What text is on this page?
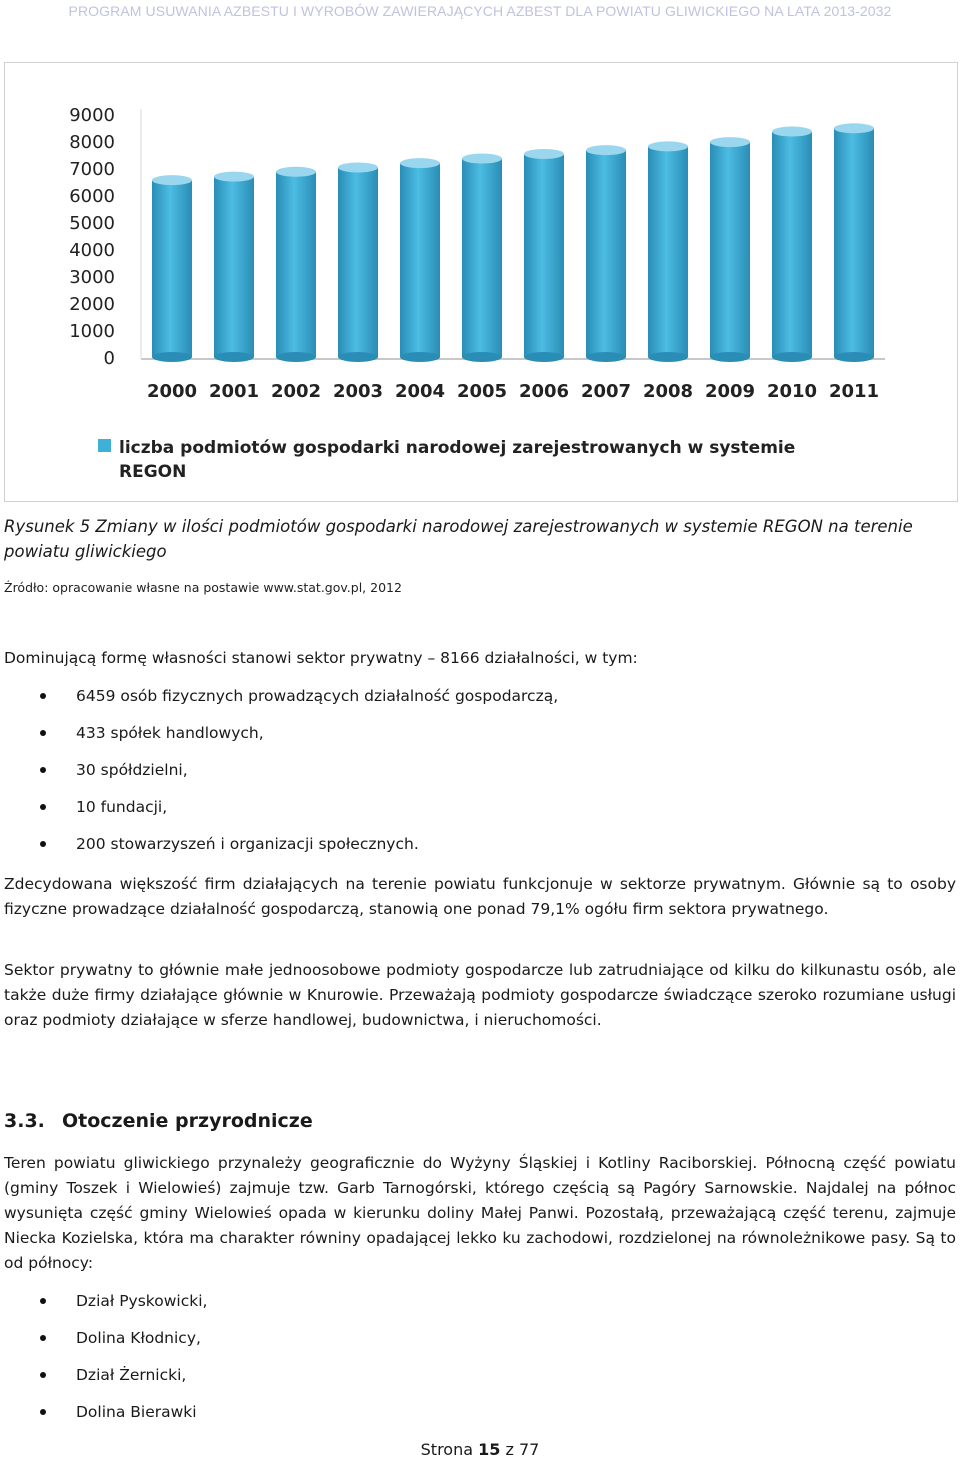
PROGRAM USUWANIA AZBESTU I WYROBÓW ZAWIERAJĄCYCH AZBEST DLA POWIATU GLIWICKIEGO NA LATA 2013-2032
0
1000
2000
3000
4000
5000
6000
7000
8000
9000
2000 2001 2002 2003 2004 2005 2006 2007 2008 2009 2010 2011
liczba podmiotów gospodarki narodowej zarejestrowanych w systemie
REGON
Rysunek 5 Zmiany w ilości podmiotów gospodarki narodowej zarejestrowanych w systemie REGON na terenie
powiatu gliwickiego
Źródło: opracowanie własne na postawie www.stat.gov.pl, 2012
Dominującą formę własności stanowi sektor prywatny – 8166 działalności, w tym:
6459 osób fizycznych prowadzących działalność gospodarczą,
433 spółek handlowych,
30 spółdzielni,
10 fundacji,
200 stowarzyszeń i organizacji społecznych.
Zdecydowana większość firm działających na terenie powiatu funkcjonuje w sektorze prywatnym. Głównie są to osoby fizyczne prowadzące działalność gospodarczą, stanowią one ponad 79,1% ogółu firm sektora prywatnego.
Sektor prywatny to głównie małe jednoosobowe podmioty gospodarcze lub zatrudniające od kilku do kilkunastu osób, ale także duże firmy działające głównie w Knurowie. Przeważają podmioty gospodarcze świadczące szeroko rozumiane usługi oraz podmioty działające w sferze handlowej, budownictwa, i nieruchomości.
3.3. Otoczenie przyrodnicze
Teren powiatu gliwickiego przynależy geograficznie do Wyżyny Śląskiej i Kotliny Raciborskiej. Północną część powiatu (gminy Toszek i Wielowieś) zajmuje tzw. Garb Tarnogórski, którego częścią są Pagóry Sarnowskie. Najdalej na północ wysunięta część gminy Wielowieś opada w kierunku doliny Małej Panwi. Pozostałą, przeważającą część terenu, zajmuje Niecka Kozielska, która ma charakter równiny opadającej lekko ku zachodowi, rozdzielonej na równoleżnikowe pasy. Są to od północy:
Dział Pyskowicki,
Dolina Kłodnicy,
Dział Żernicki,
Dolina Bierawki
Strona 15 z 77
